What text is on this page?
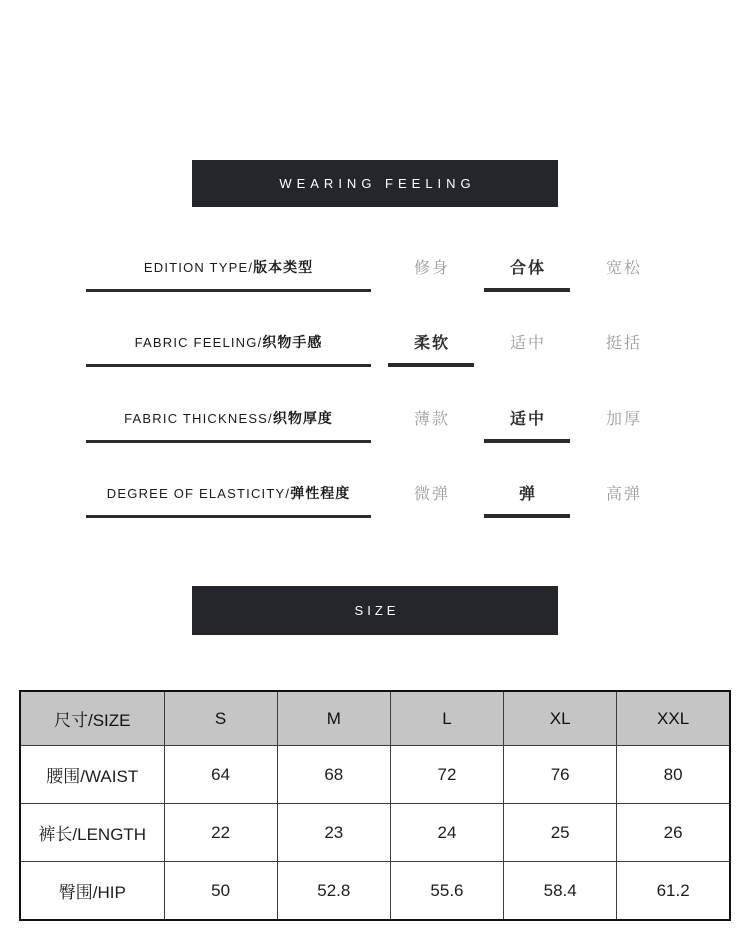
WEARING FEELING
EDITION TYPE/版本类型	修身	合体	宽松
FABRIC FEELING/织物手感	柔软	适中	挺括
FABRIC THICKNESS/织物厚度	薄款	适中	加厚
DEGREE OF ELASTICITY/弹性程度	微弹	弹	高弹
SIZE
尺寸/SIZE	S	M	L	XL	XXL
腰围/WAIST	64	68	72	76	80
裤长/LENGTH	22	23	24	25	26
臀围/HIP	50	52.8	55.6	58.4	61.2
